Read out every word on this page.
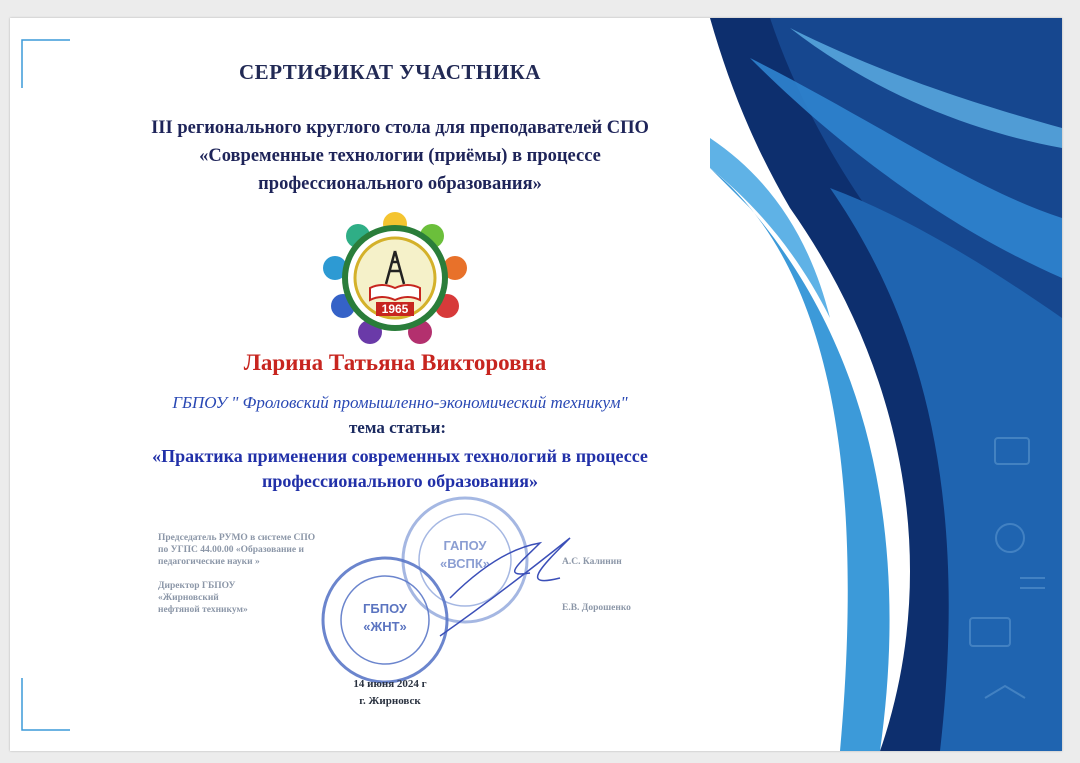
СЕРТИФИКАТ УЧАСТНИКА
III регионального круглого стола для преподавателей СПО
«Современные технологии (приёмы) в процессе
профессионального образования»
1965
Ларина Татьяна Викторовна
ГБПОУ " Фроловский промышленно-экономический техникум"
тема статьи:
«Практика применения современных технологий в процессе
профессионального образования»
Председатель РУМО в системе СПО
по УГПС 44.00.00 «Образование и
педагогические науки »	А.С. Калинин
Директор ГБПОУ
«Жирновский
нефтяной техникум»	Е.В. Дорошенко
ГАПОУ
«ВСПК»
ГБПОУ
«ЖНТ»
14 июня 2024 г
г. Жирновск
